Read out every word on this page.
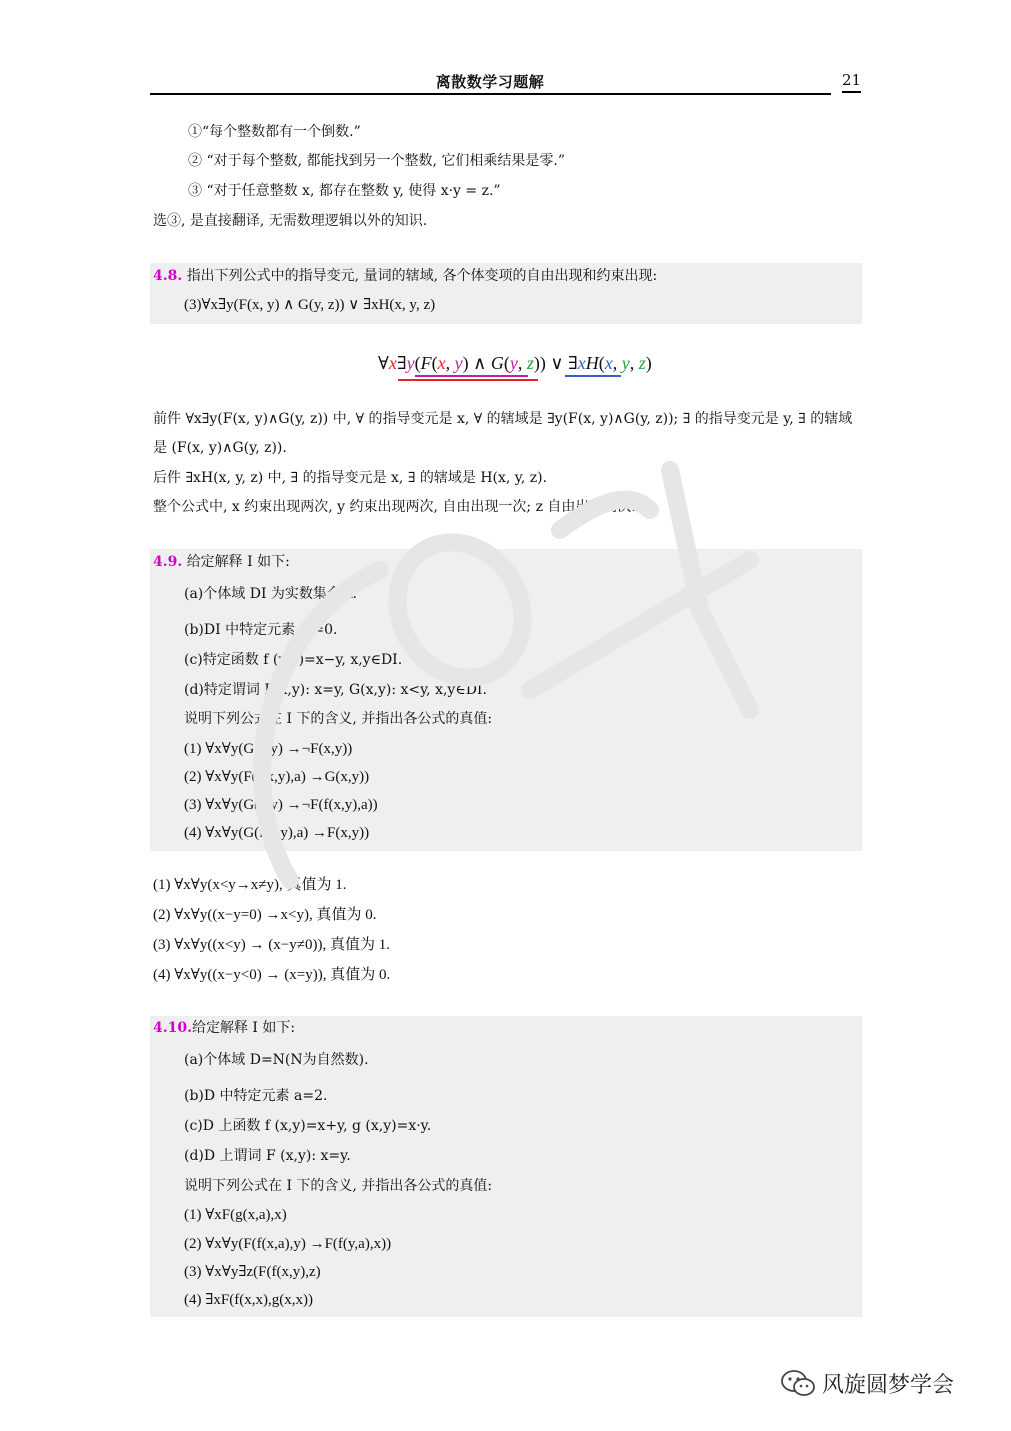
离散数学习题解	21
①“每个整数都有一个倒数.”
② “对于每个整数, 都能找到另一个整数, 它们相乘结果是零.”
③ “对于任意整数 x, 都存在整数 y, 使得 x·y = z.”
选③, 是直接翻译, 无需数理逻辑以外的知识.
4.8. 指出下列公式中的指导变元, 量词的辖域, 各个体变项的自由出现和约束出现:
(3)∀x∃y(F(x, y) ∧ G(y, z)) ∨ ∃xH(x, y, z)
∀x∃y(F(x, y) ∧ G(y, z)) ∨ ∃xH(x, y, z)
前件 ∀x∃y(F(x, y)∧G(y, z)) 中, ∀ 的指导变元是 x, ∀ 的辖域是 ∃y(F(x, y)∧G(y, z)); ∃ 的指导变元是 y, ∃ 的辖域
是 (F(x, y)∧G(y, z)).
后件 ∃xH(x, y, z) 中, ∃ 的指导变元是 x, ∃ 的辖域是 H(x, y, z).
整个公式中, x 约束出现两次, y 约束出现两次, 自由出现一次; z 自由出现两次.
4.9. 给定解释 I 如下:
(a)个体域 DI 为实数集合ℝ.
(b)DI 中特定元素 a =0.
(c)特定函数 f (x,y)=x−y, x,y∈DI.
(d)特定谓词 F(x,y): x=y, G(x,y): x<y, x,y∈DI.
说明下列公式在 I 下的含义, 并指出各公式的真值:
(1) ∀x∀y(G(x,y) →¬F(x,y))
(2) ∀x∀y(F(f(x,y),a) →G(x,y))
(3) ∀x∀y(G(x,y) →¬F(f(x,y),a))
(4) ∀x∀y(G(f(x,y),a) →F(x,y))
(1) ∀x∀y(x<y→x≠y), 真值为 1.
(2) ∀x∀y((x−y=0) →x<y), 真值为 0.
(3) ∀x∀y((x<y) → (x−y≠0)), 真值为 1.
(4) ∀x∀y((x−y<0) → (x=y)), 真值为 0.
4.10.给定解释 I 如下:
(a)个体域 D=N(N为自然数).
(b)D 中特定元素 a=2.
(c)D 上函数 f (x,y)=x+y, g (x,y)=x·y.
(d)D 上谓词 F (x,y): x=y.
说明下列公式在 I 下的含义, 并指出各公式的真值:
(1) ∀xF(g(x,a),x)
(2) ∀x∀y(F(f(x,a),y) →F(f(y,a),x))
(3) ∀x∀y∃z(F(f(x,y),z)
(4) ∃xF(f(x,x),g(x,x))
风旋圆梦学会
